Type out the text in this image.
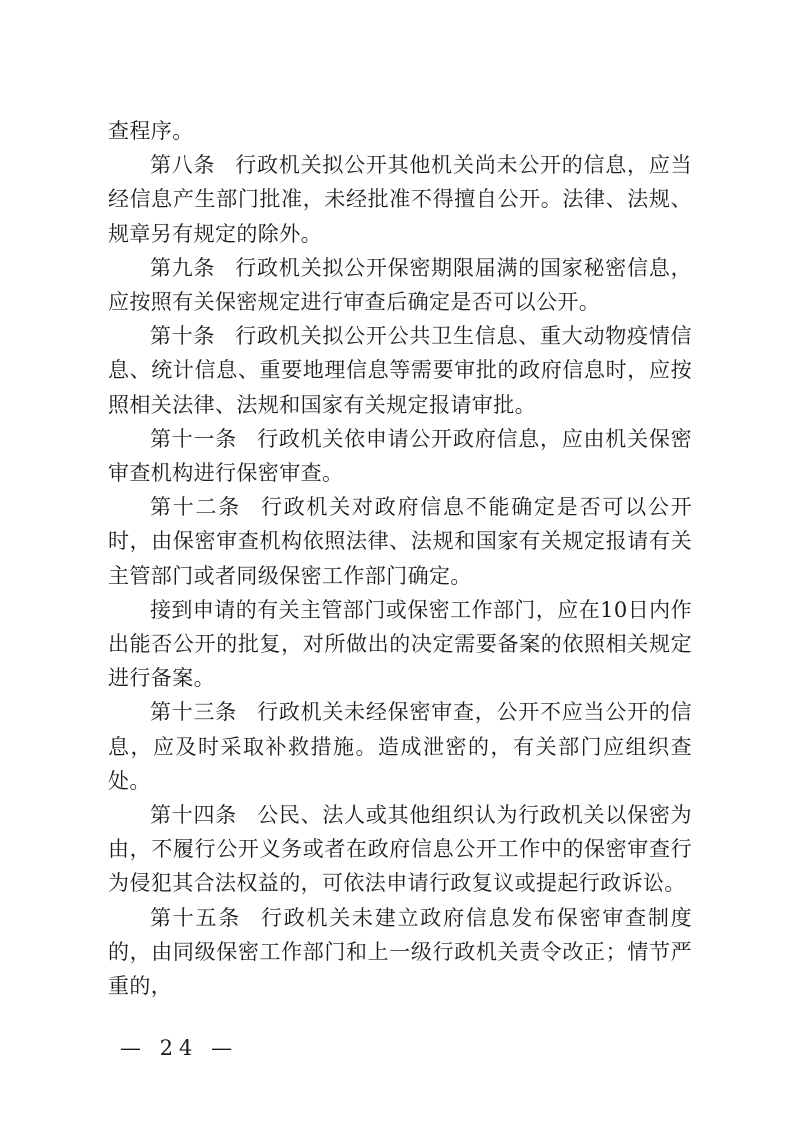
查程序。

第八条 行政机关拟公开其他机关尚未公开的信息，应当经信息产生部门批准，未经批准不得擅自公开。法律、法规、规章另有规定的除外。

第九条 行政机关拟公开保密期限届满的国家秘密信息，应按照有关保密规定进行审查后确定是否可以公开。

第十条 行政机关拟公开公共卫生信息、重大动物疫情信息、统计信息、重要地理信息等需要审批的政府信息时，应按照相关法律、法规和国家有关规定报请审批。

第十一条 行政机关依申请公开政府信息，应由机关保密审查机构进行保密审查。

第十二条 行政机关对政府信息不能确定是否可以公开时，由保密审查机构依照法律、法规和国家有关规定报请有关主管部门或者同级保密工作部门确定。

接到申请的有关主管部门或保密工作部门，应在10日内作出能否公开的批复，对所做出的决定需要备案的依照相关规定进行备案。

第十三条 行政机关未经保密审查，公开不应当公开的信息，应及时采取补救措施。造成泄密的，有关部门应组织查处。

第十四条 公民、法人或其他组织认为行政机关以保密为由，不履行公开义务或者在政府信息公开工作中的保密审查行为侵犯其合法权益的，可依法申请行政复议或提起行政诉讼。

第十五条 行政机关未建立政府信息发布保密审查制度的，由同级保密工作部门和上一级行政机关责令改正；情节严重的，

— 24 —
